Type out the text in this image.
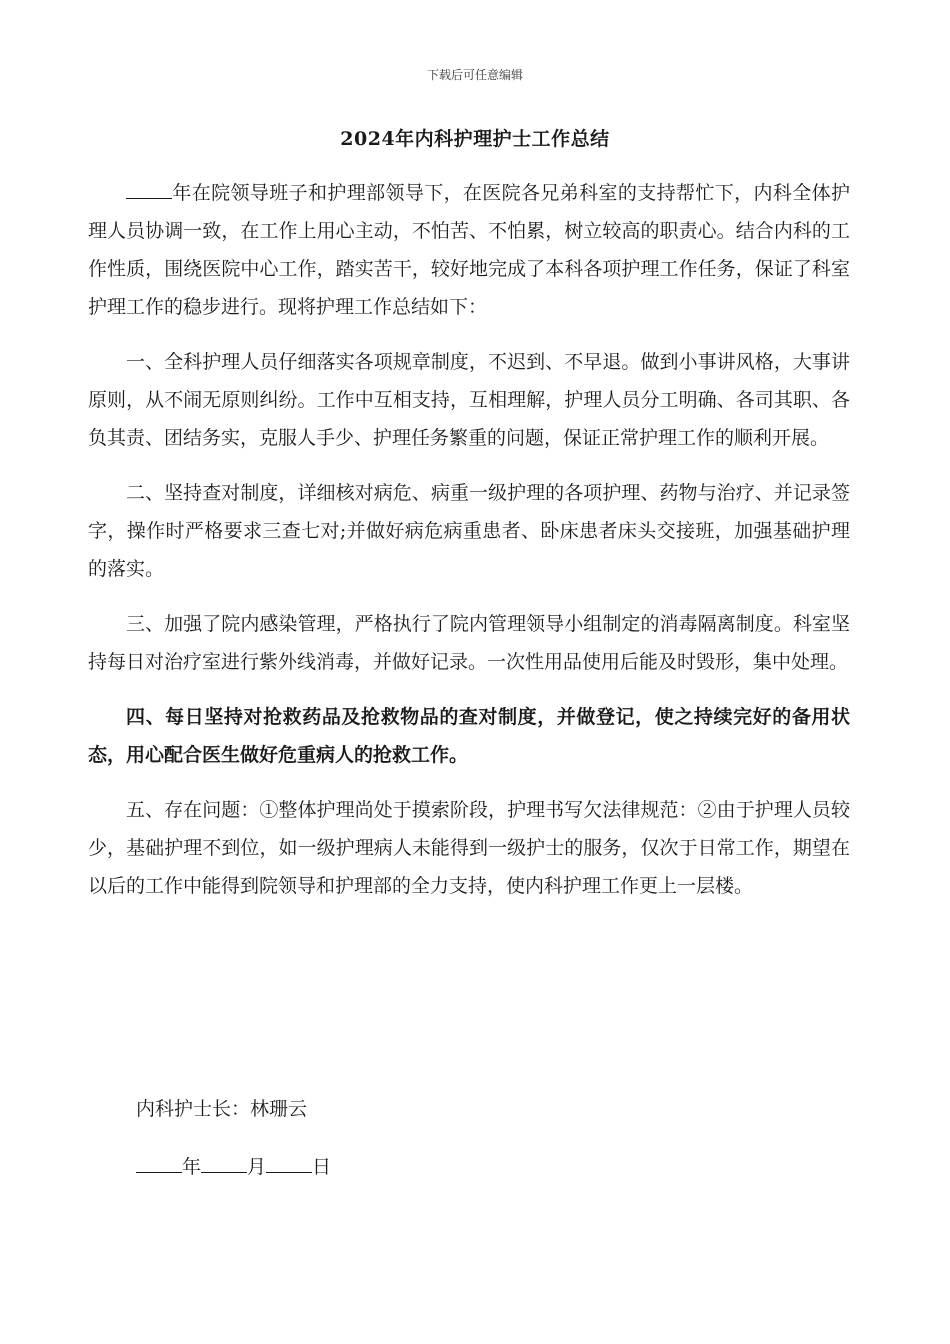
下载后可任意编辑
2024年内科护理护士工作总结

年在院领导班子和护理部领导下，在医院各兄弟科室的支持帮忙下，内科全体护理人员协调一致，在工作上用心主动，不怕苦、不怕累，树立较高的职责心。结合内科的工作性质，围绕医院中心工作，踏实苦干，较好地完成了本科各项护理工作任务，保证了科室护理工作的稳步进行。现将护理工作总结如下：

一、全科护理人员仔细落实各项规章制度，不迟到、不早退。做到小事讲风格，大事讲原则，从不闹无原则纠纷。工作中互相支持，互相理解，护理人员分工明确、各司其职、各负其责、团结务实，克服人手少、护理任务繁重的问题，保证正常护理工作的顺利开展。

二、坚持查对制度，详细核对病危、病重一级护理的各项护理、药物与治疗、并记录签字，操作时严格要求三查七对;并做好病危病重患者、卧床患者床头交接班，加强基础护理的落实。

三、加强了院内感染管理，严格执行了院内管理领导小组制定的消毒隔离制度。科室坚持每日对治疗室进行紫外线消毒，并做好记录。一次性用品使用后能及时毁形，集中处理。

四、每日坚持对抢救药品及抢救物品的查对制度，并做登记，使之持续完好的备用状态，用心配合医生做好危重病人的抢救工作。

五、存在问题：①整体护理尚处于摸索阶段，护理书写欠法律规范：②由于护理人员较少，基础护理不到位，如一级护理病人未能得到一级护士的服务，仅次于日常工作，期望在以后的工作中能得到院领导和护理部的全力支持，使内科护理工作更上一层楼。

内科护士长：林珊云
年 月 日
